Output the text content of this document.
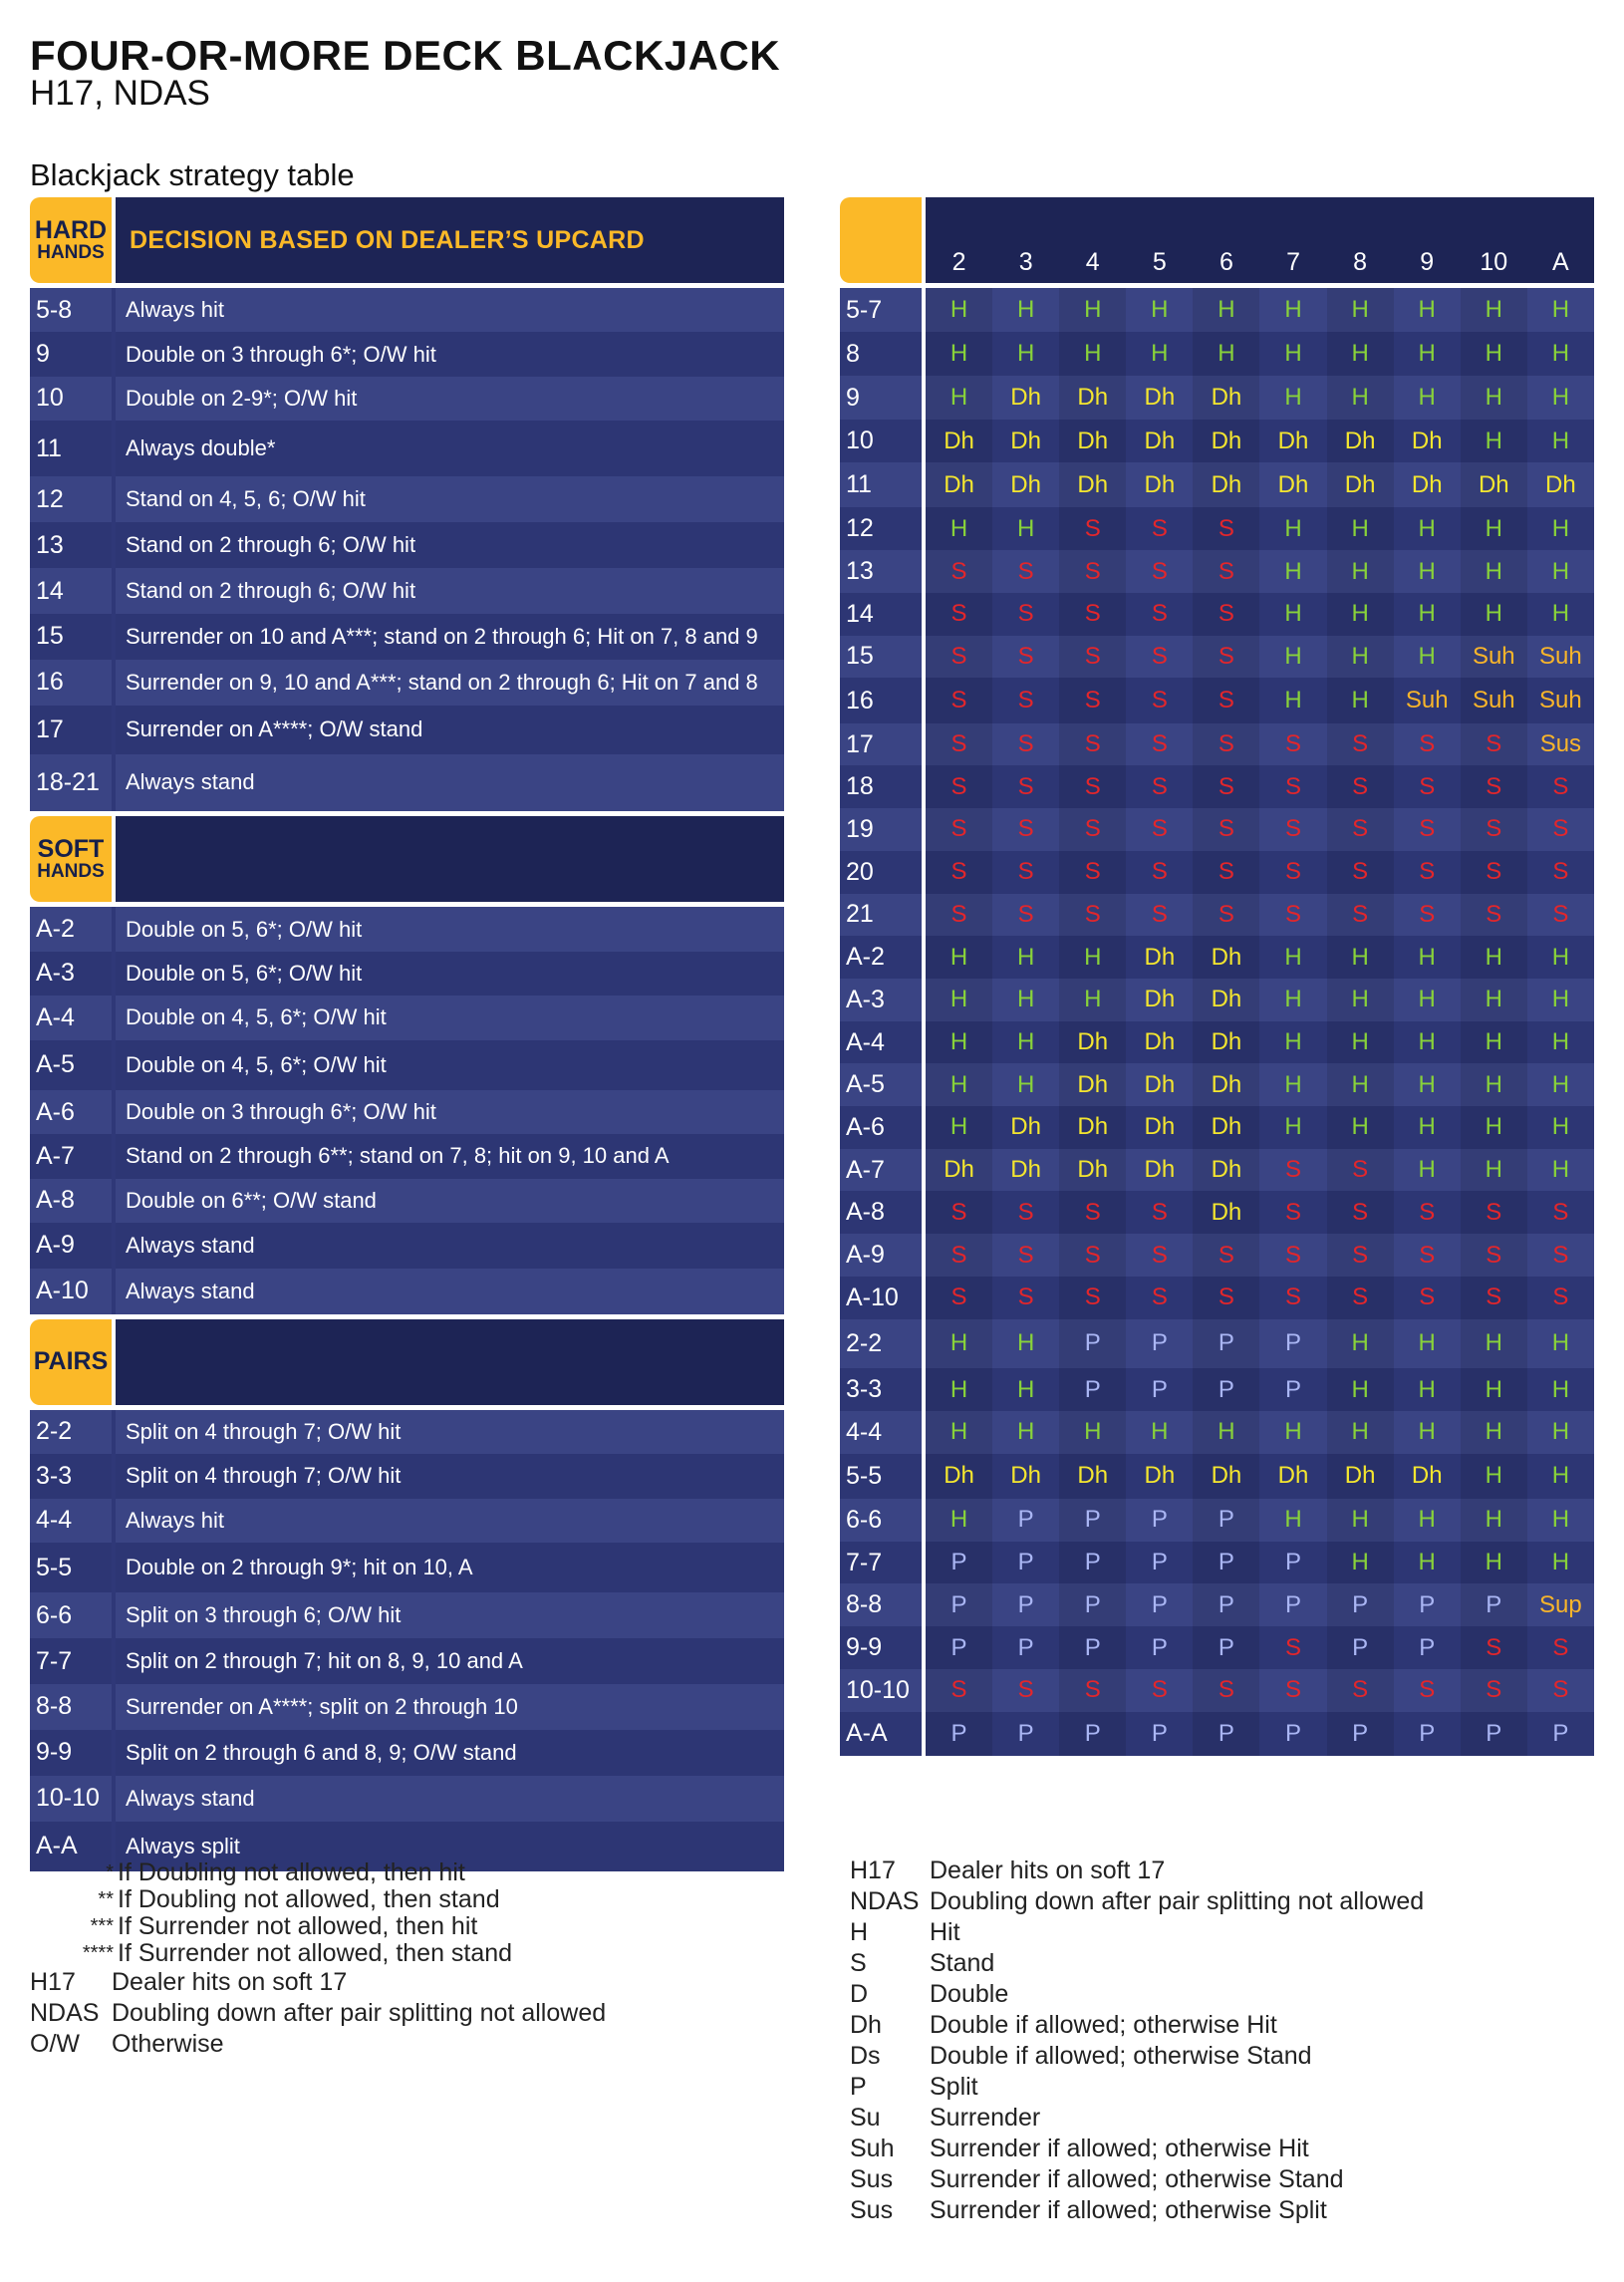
FOUR-OR-MORE DECK BLACKJACK
H17, NDAS
Blackjack strategy table
HARD
HANDS	DECISION BASED ON DEALER’S UPCARD
5-8	Always hit
9	Double on 3 through 6*; O/W hit
10	Double on 2-9*; O/W hit
11	Always double*
12	Stand on 4, 5, 6; O/W hit
13	Stand on 2 through 6; O/W hit
14	Stand on 2 through 6; O/W hit
15	Surrender on 10 and A***; stand on 2 through 6; Hit on 7, 8 and 9
16	Surrender on 9, 10 and A***; stand on 2 through 6; Hit on 7 and 8
17	Surrender on A****; O/W stand
18-21	Always stand
SOFT
HANDS
A-2	Double on 5, 6*; O/W hit
A-3	Double on 5, 6*; O/W hit
A-4	Double on 4, 5, 6*; O/W hit
A-5	Double on 4, 5, 6*; O/W hit
A-6	Double on 3 through 6*; O/W hit
A-7	Stand on 2 through 6**; stand on 7, 8; hit on 9, 10 and A
A-8	Double on 6**; O/W stand
A-9	Always stand
A-10	Always stand
PAIRS
2-2	Split on 4 through 7; O/W hit
3-3	Split on 4 through 7; O/W hit
4-4	Always hit
5-5	Double on 2 through 9*; hit on 10, A
6-6	Split on 3 through 6; O/W hit
7-7	Split on 2 through 7; hit on 8, 9, 10 and A
8-8	Surrender on A****; split on 2 through 10
9-9	Split on 2 through 6 and 8, 9; O/W stand
10-10	Always stand
A-A	Always split
2	3	4	5	6	7	8	9	10	A
5-7	H	H	H	H	H	H	H	H	H	H
8	H	H	H	H	H	H	H	H	H	H
9	H	Dh	Dh	Dh	Dh	H	H	H	H	H
10	Dh	Dh	Dh	Dh	Dh	Dh	Dh	Dh	H	H
11	Dh	Dh	Dh	Dh	Dh	Dh	Dh	Dh	Dh	Dh
12	H	H	S	S	S	H	H	H	H	H
13	S	S	S	S	S	H	H	H	H	H
14	S	S	S	S	S	H	H	H	H	H
15	S	S	S	S	S	H	H	H	Suh	Suh
16	S	S	S	S	S	H	H	Suh	Suh	Suh
17	S	S	S	S	S	S	S	S	S	Sus
18	S	S	S	S	S	S	S	S	S	S
19	S	S	S	S	S	S	S	S	S	S
20	S	S	S	S	S	S	S	S	S	S
21	S	S	S	S	S	S	S	S	S	S
A-2	H	H	H	Dh	Dh	H	H	H	H	H
A-3	H	H	H	Dh	Dh	H	H	H	H	H
A-4	H	H	Dh	Dh	Dh	H	H	H	H	H
A-5	H	H	Dh	Dh	Dh	H	H	H	H	H
A-6	H	Dh	Dh	Dh	Dh	H	H	H	H	H
A-7	Dh	Dh	Dh	Dh	Dh	S	S	H	H	H
A-8	S	S	S	S	Dh	S	S	S	S	S
A-9	S	S	S	S	S	S	S	S	S	S
A-10	S	S	S	S	S	S	S	S	S	S
2-2	H	H	P	P	P	P	H	H	H	H
3-3	H	H	P	P	P	P	H	H	H	H
4-4	H	H	H	H	H	H	H	H	H	H
5-5	Dh	Dh	Dh	Dh	Dh	Dh	Dh	Dh	H	H
6-6	H	P	P	P	P	H	H	H	H	H
7-7	P	P	P	P	P	P	H	H	H	H
8-8	P	P	P	P	P	P	P	P	P	Sup
9-9	P	P	P	P	P	S	P	P	S	S
10-10	S	S	S	S	S	S	S	S	S	S
A-A	P	P	P	P	P	P	P	P	P	P
* If Doubling not allowed, then hit
** If Doubling not allowed, then stand
*** If Surrender not allowed, then hit
**** If Surrender not allowed, then stand
H17	Dealer hits on soft 17
NDAS Doubling down after pair splitting not allowed
O/W	Otherwise
H17	Dealer hits on soft 17
NDAS Doubling down after pair splitting not allowed
H	Hit
S	Stand
D	Double
Dh	Double if allowed; otherwise Hit
Ds	Double if allowed; otherwise Stand
P	Split
Su	Surrender
Suh	Surrender if allowed; otherwise Hit
Sus	Surrender if allowed; otherwise Stand
Sus	Surrender if allowed; otherwise Split
